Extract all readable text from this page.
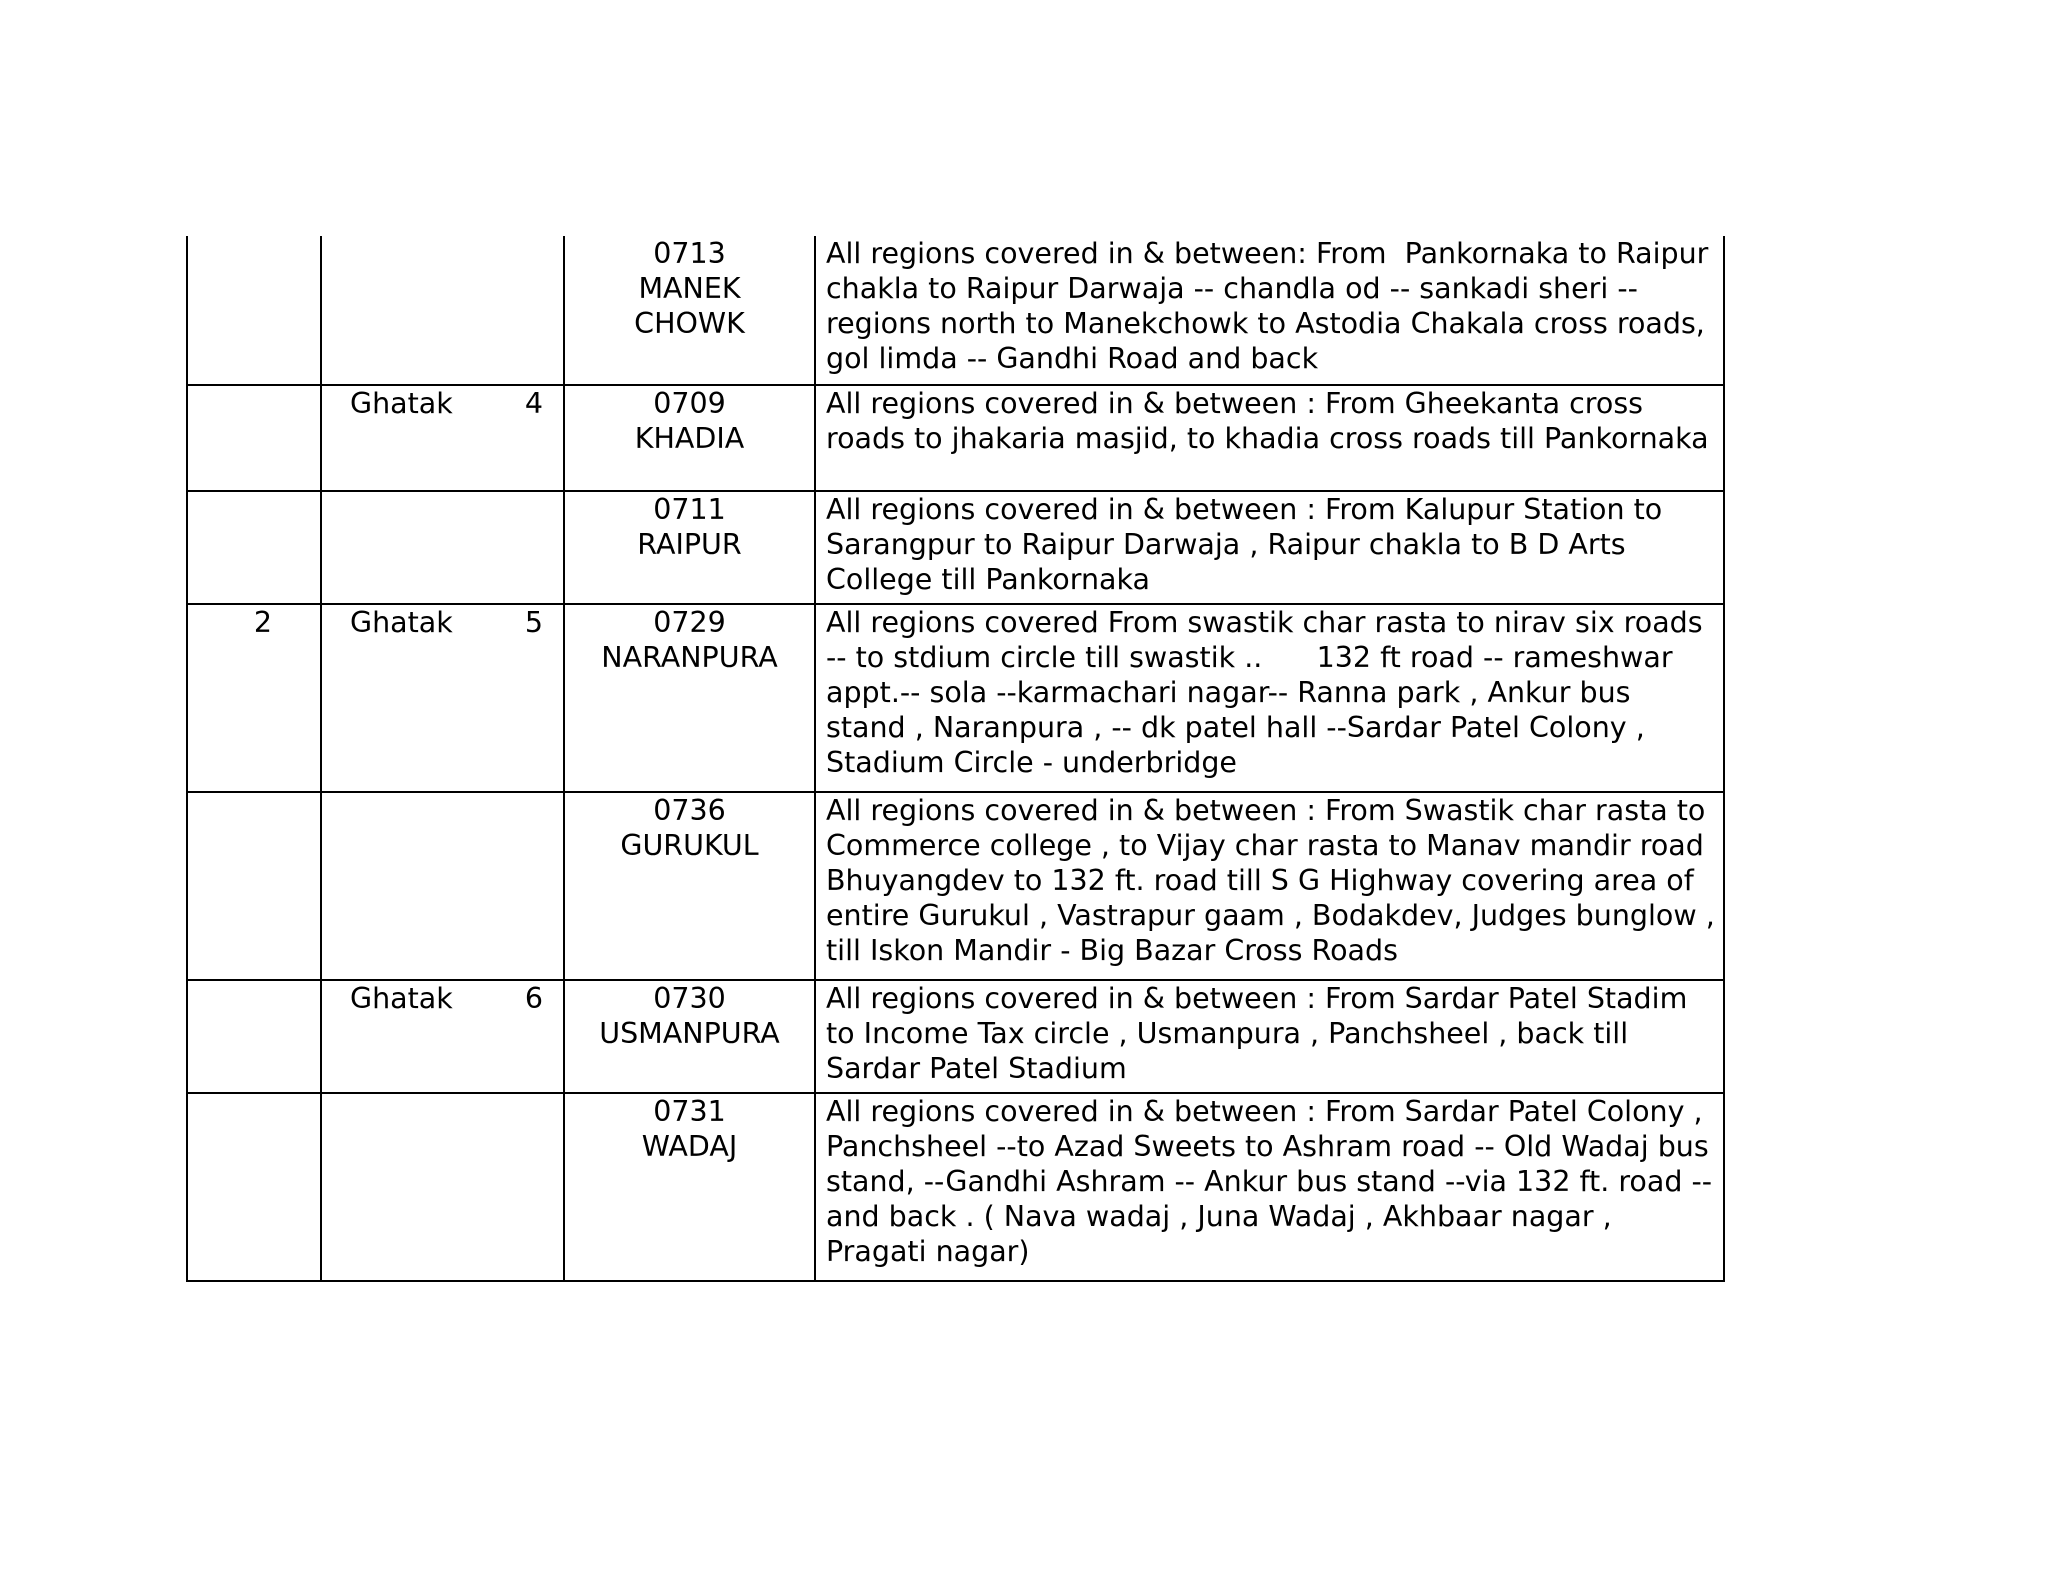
		0713
MANEK CHOWK	All regions covered in & between: From  Pankornaka to Raipur chakla to Raipur Darwaja -- chandla od -- sankadi sheri --regions north to Manekchowk to Astodia Chakala cross roads, gol limda -- Gandhi Road and back

	Ghatak 4	0709
KHADIA	All regions covered in & between : From Gheekanta cross roads to jhakaria masjid, to khadia cross roads till Pankornaka

		0711
RAIPUR	All regions covered in & between : From Kalupur Station to Sarangpur to Raipur Darwaja , Raipur chakla to B D Arts College till Pankornaka
2	Ghatak 5	0729
NARANPURA	All regions covered From swastik char rasta to nirav six roads -- to stdium circle till swastik ..      132 ft road -- rameshwar appt.-- sola --karmachari nagar-- Ranna park , Ankur bus stand , Naranpura , -- dk patel hall --Sardar Patel Colony , Stadium Circle - underbridge

		0736
GURUKUL	All regions covered in & between : From Swastik char rasta to Commerce college , to Vijay char rasta to Manav mandir road Bhuyangdev to 132 ft. road till S G Highway covering area of entire Gurukul , Vastrapur gaam , Bodakdev, Judges bunglow , till Iskon Mandir - Big Bazar Cross Roads

	Ghatak 6	0730
USMANPURA	All regions covered in & between : From Sardar Patel Stadim to Income Tax circle , Usmanpura , Panchsheel , back till Sardar Patel Stadium

		0731
WADAJ	All regions covered in & between : From Sardar Patel Colony , Panchsheel --to Azad Sweets to Ashram road -- Old Wadaj bus stand, --Gandhi Ashram -- Ankur bus stand --via 132 ft. road --and back . ( Nava wadaj , Juna Wadaj , Akhbaar nagar , Pragati nagar)
